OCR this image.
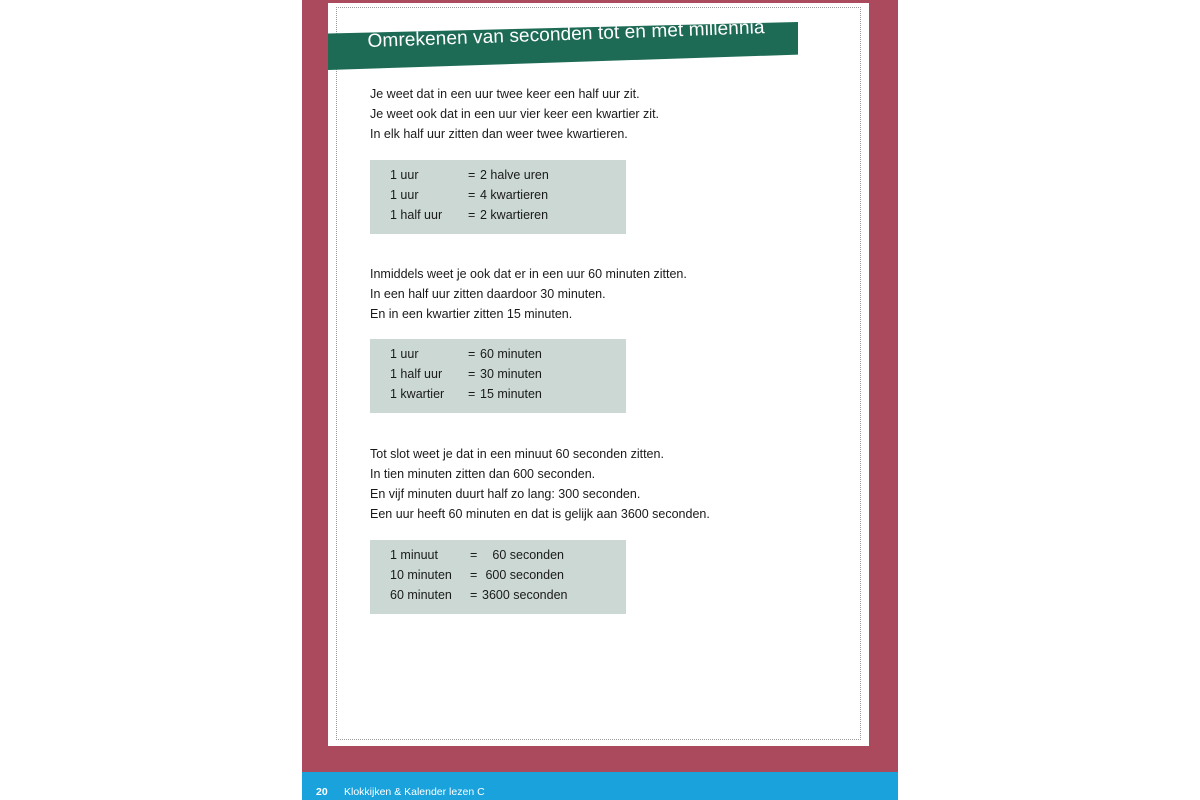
Omrekenen van seconden tot en met millennia
Je weet dat in een uur twee keer een half uur zit.
Je weet ook dat in een uur vier keer een kwartier zit.
In elk half uur zitten dan weer twee kwartieren.
1 uur	= 2 halve uren
1 uur	= 4 kwartieren
1 half uur = 2 kwartieren
Inmiddels weet je ook dat er in een uur 60 minuten zitten.
In een half uur zitten daardoor 30 minuten.
En in een kwartier zitten 15 minuten.
1 uur	= 60 minuten
1 half uur = 30 minuten
1 kwartier = 15 minuten
Tot slot weet je dat in een minuut 60 seconden zitten.
In tien minuten zitten dan 600 seconden.
En vijf minuten duurt half zo lang: 300 seconden.
Een uur heeft 60 minuten en dat is gelijk aan 3600 seconden.
1 minuut	=	60 seconden
10 minuten = 600 seconden
60 minuten = 3600 seconden
20 Klokkijken & Kalender lezen C
